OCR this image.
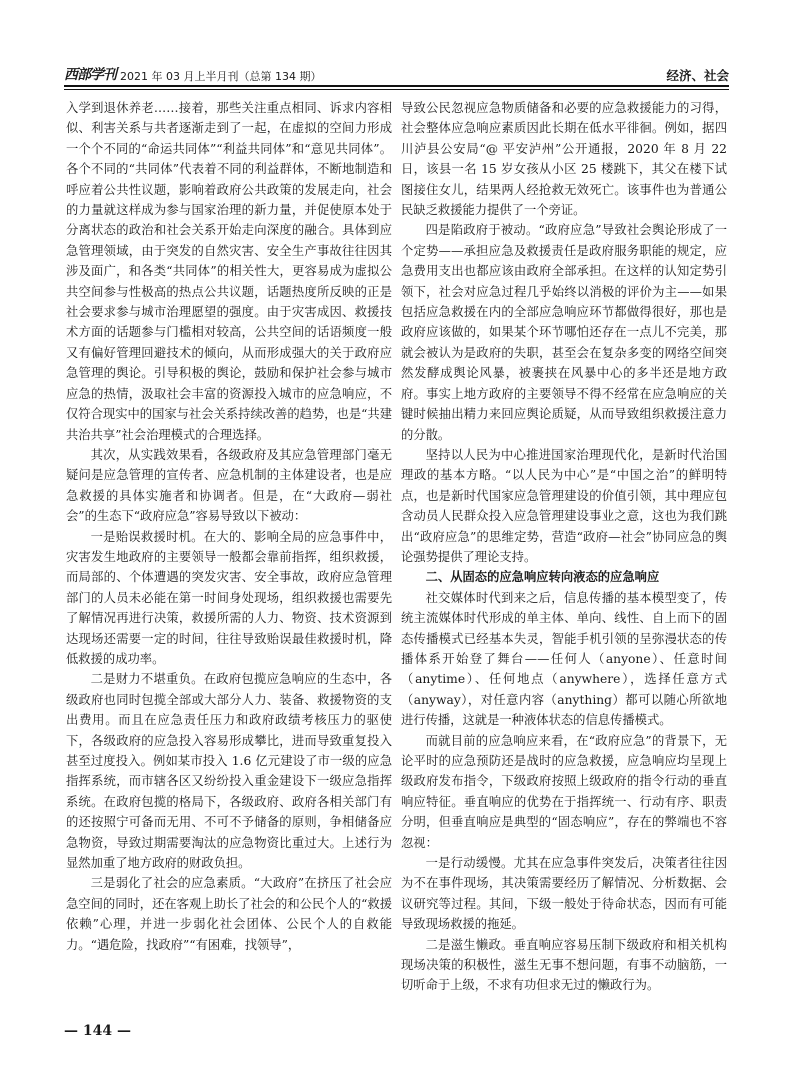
西部学刊 2021 年 03 月上半月刊（总第 134 期）	经济、社会

入学到退休养老……接着，那些关注重点相同、诉求内容相似、利害关系与共者逐渐走到了一起，在虚拟的空间力形成一个个不同的“命运共同体”“利益共同体”和“意见共同体”。各个不同的“共同体”代表着不同的利益群体，不断地制造和呼应着公共性议题，影响着政府公共政策的发展走向，社会的力量就这样成为参与国家治理的新力量，并促使原本处于分离状态的政治和社会关系开始走向深度的融合。具体到应急管理领域，由于突发的自然灾害、安全生产事故往往因其涉及面广，和各类“共同体”的相关性大，更容易成为虚拟公共空间参与性极高的热点公共议题，话题热度所反映的正是社会要求参与城市治理愿望的强度。由于灾害成因、救援技术方面的话题参与门槛相对较高，公共空间的话语频度一般又有偏好管理回避技术的倾向，从而形成强大的关于政府应急管理的舆论。引导积极的舆论，鼓励和保护社会参与城市应急的热情，汲取社会丰富的资源投入城市的应急响应，不仅符合现实中的国家与社会关系持续改善的趋势，也是“共建共治共享”社会治理模式的合理选择。

其次，从实践效果看，各级政府及其应急管理部门毫无疑问是应急管理的宣传者、应急机制的主体建设者，也是应急救援的具体实施者和协调者。但是，在“大政府—弱社会”的生态下“政府应急”容易导致以下被动：

一是贻误救援时机。在大的、影响全局的应急事件中，灾害发生地政府的主要领导一般都会靠前指挥，组织救援，而局部的、个体遭遇的突发灾害、安全事故，政府应急管理部门的人员未必能在第一时间身处现场，组织救援也需要先了解情况再进行决策，救援所需的人力、物资、技术资源到达现场还需要一定的时间，往往导致贻误最佳救援时机，降低救援的成功率。

二是财力不堪重负。在政府包揽应急响应的生态中，各级政府也同时包揽全部或大部分人力、装备、救援物资的支出费用。而且在应急责任压力和政府政绩考核压力的驱使下，各级政府的应急投入容易形成攀比，进而导致重复投入甚至过度投入。例如某市投入 1.6 亿元建设了市一级的应急指挥系统，而市辖各区又纷纷投入重金建设下一级应急指挥系统。在政府包揽的格局下，各级政府、政府各相关部门有的还按照宁可备而无用、不可不予储备的原则，争相储备应急物资，导致过期需要淘汰的应急物资比重过大。上述行为显然加重了地方政府的财政负担。

三是弱化了社会的应急素质。“大政府”在挤压了社会应急空间的同时，还在客观上助长了社会的和公民个人的“救援依赖”心理，并进一步弱化社会团体、公民个人的自救能力。“遇危险，找政府”“有困难，找领导”，

导致公民忽视应急物质储备和必要的应急救援能力的习得，社会整体应急响应素质因此长期在低水平徘徊。例如，据四川泸县公安局“@ 平安泸州”公开通报，2020 年 8 月 22 日，该县一名 15 岁女孩从小区 25 楼跳下，其父在楼下试图接住女儿，结果两人经抢救无效死亡。该事件也为普通公民缺乏救援能力提供了一个旁证。

四是陷政府于被动。“政府应急”导致社会舆论形成了一个定势——承担应急及救援责任是政府服务职能的规定，应急费用支出也都应该由政府全部承担。在这样的认知定势引领下，社会对应急过程几乎始终以消极的评价为主——如果包括应急救援在内的全部应急响应环节都做得很好，那也是政府应该做的，如果某个环节哪怕还存在一点儿不完美，那就会被认为是政府的失职，甚至会在复杂多变的网络空间突然发酵成舆论风暴，被裹挟在风暴中心的多半还是地方政府。事实上地方政府的主要领导不得不经常在应急响应的关键时候抽出精力来回应舆论质疑，从而导致组织救援注意力的分散。

坚持以人民为中心推进国家治理现代化，是新时代治国理政的基本方略。“以人民为中心”是“中国之治”的鲜明特点，也是新时代国家应急管理建设的价值引领，其中理应包含动员人民群众投入应急管理建设事业之意，这也为我们跳出“政府应急”的思维定势，营造“政府—社会”协同应急的舆论强势提供了理论支持。

二、从固态的应急响应转向液态的应急响应

社交媒体时代到来之后，信息传播的基本模型变了，传统主流媒体时代形成的单主体、单向、线性、自上而下的固态传播模式已经基本失灵，智能手机引领的呈弥漫状态的传播体系开始登了舞台——任何人（anyone）、任意时间（anytime）、任何地点（anywhere），选择任意方式（anyway），对任意内容（anything）都可以随心所欲地进行传播，这就是一种液体状态的信息传播模式。

而就目前的应急响应来看，在“政府应急”的背景下，无论平时的应急预防还是战时的应急救援，应急响应均呈现上级政府发布指令，下级政府按照上级政府的指令行动的垂直响应特征。垂直响应的优势在于指挥统一、行动有序、职责分明，但垂直响应是典型的“固态响应”，存在的弊端也不容忽视：

一是行动缓慢。尤其在应急事件突发后，决策者往往因为不在事件现场，其决策需要经历了解情况、分析数据、会议研究等过程。其间，下级一般处于待命状态，因而有可能导致现场救援的拖延。

二是滋生懒政。垂直响应容易压制下级政府和相关机构现场决策的积极性，滋生无事不想问题，有事不动脑筋，一切听命于上级，不求有功但求无过的懒政行为。

— 144 —
